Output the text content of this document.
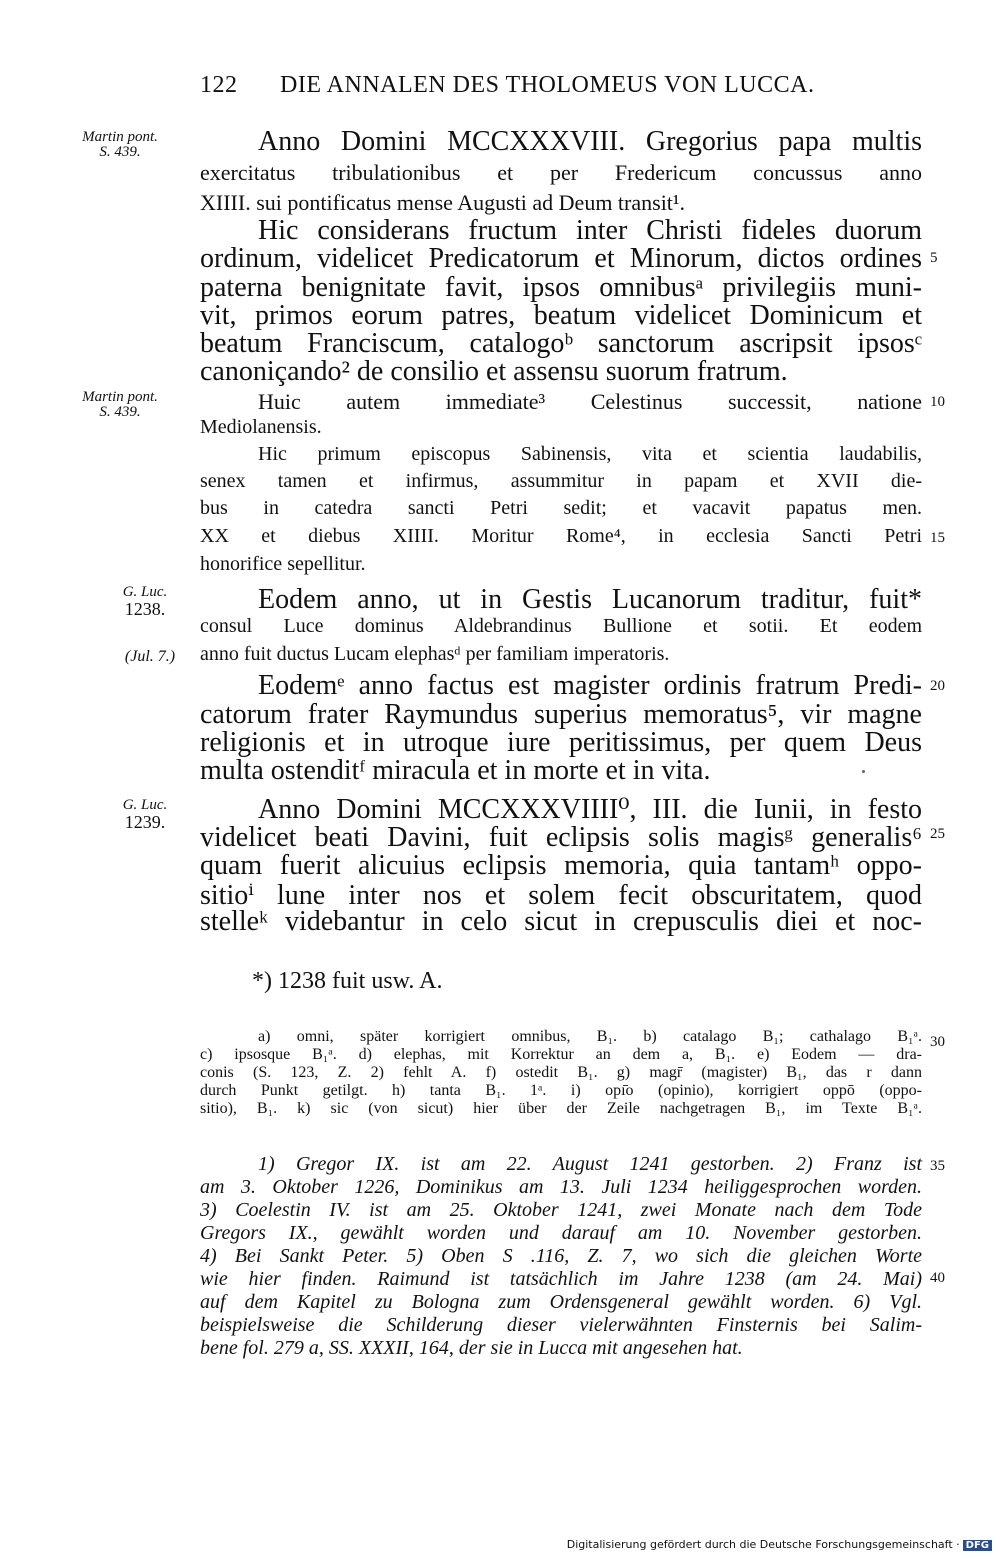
122 DIE ANNALEN DES THOLOMEUS VON LUCCA.
Martin pont.
S. 439.
Martin pont.
S. 439.
G. Luc.
1238.
(Jul. 7.)
G. Luc.
1239.
Anno Domini MCCXXXVIII. Gregorius papa multis
exercitatus tribulationibus et per Fredericum concussus anno
XIIII. sui pontificatus mense Augusti ad Deum transit¹.
Hic considerans fructum inter Christi fideles duorum
ordinum, videlicet Predicatorum et Minorum, dictos ordines
paterna benignitate favit, ipsos omnibusᵃ privilegiis muni-
vit, primos eorum patres, beatum videlicet Dominicum et
beatum Franciscum, catalogoᵇ sanctorum ascripsit ipsosᶜ
canoniçando² de consilio et assensu suorum fratrum.
Huic autem immediate³ Celestinus successit, natione
Mediolanensis.
Hic primum episcopus Sabinensis, vita et scientia laudabilis,
senex tamen et infirmus, assummitur in papam et XVII die-
bus in catedra sancti Petri sedit; et vacavit papatus men.
XX et diebus XIIII. Moritur Rome⁴, in ecclesia Sancti Petri
honorifice sepellitur.
Eodem anno, ut in Gestis Lucanorum traditur, fuit*
consul Luce dominus Aldebrandinus Bullione et sotii. Et eodem
anno fuit ductus Lucam elephasᵈ per familiam imperatoris.
Eodemᵉ anno factus est magister ordinis fratrum Predi-
catorum frater Raymundus superius memoratus⁵, vir magne
religionis et in utroque iure peritissimus, per quem Deus
multa ostenditᶠ miracula et in morte et in vita.
Anno Domini MCCXXXVIIII⁰, III. die Iunii, in festo
videlicet beati Davini, fuit eclipsis solis magisᵍ generalis⁶
quam fuerit alicuius eclipsis memoria, quia tantamʰ oppo-
sitioⁱ lune inter nos et solem fecit obscuritatem, quod
stelleᵏ videbantur in celo sicut in crepusculis diei et noc-
5
10
15
20
25
30
35
40
*) 1238 fuit usw. A.
a) omni, später korrigiert omnibus, B₁. b) catalago B₁; cathalago B₁ᵃ.
c) ipsosque B₁ᵃ. d) elephas, mit Korrektur an dem a, B₁. e) Eodem — dra-
conis (S. 123, Z. 2) fehlt A. f) ostedit B₁. g) magr̄ (magister) B₁, das r dann
durch Punkt getilgt. h) tanta B₁. 1ᵃ. i) opı̄o (opinio), korrigiert oppō (oppo-
sitio), B₁. k) sic (von sicut) hier über der Zeile nachgetragen B₁, im Texte B₁ᵃ.
1) Gregor IX. ist am 22. August 1241 gestorben. 2) Franz ist
am 3. Oktober 1226, Dominikus am 13. Juli 1234 heiliggesprochen worden.
3) Coelestin IV. ist am 25. Oktober 1241, zwei Monate nach dem Tode
Gregors IX., gewählt worden und darauf am 10. November gestorben.
4) Bei Sankt Peter. 5) Oben S .116, Z. 7, wo sich die gleichen Worte
wie hier finden. Raimund ist tatsächlich im Jahre 1238 (am 24. Mai)
auf dem Kapitel zu Bologna zum Ordensgeneral gewählt worden. 6) Vgl.
beispielsweise die Schilderung dieser vielerwähnten Finsternis bei Salim-
bene fol. 279 a, SS. XXXII, 164, der sie in Lucca mit angesehen hat.
Digitalisierung gefördert durch die Deutsche Forschungsgemeinschaft · DFG
